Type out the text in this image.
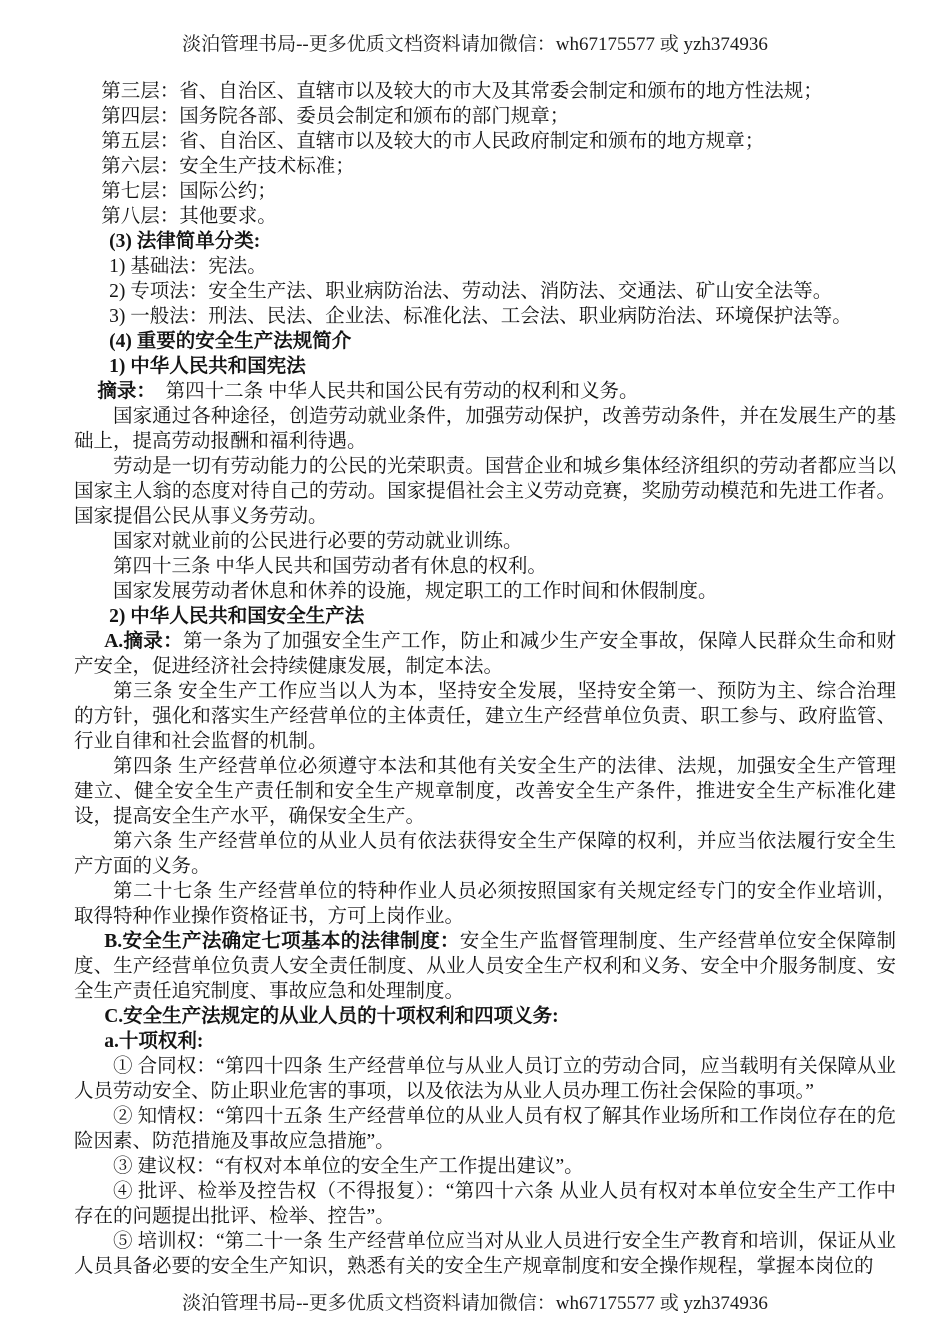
淡泊管理书局--更多优质文档资料请加微信：wh67175577 或 yzh374936

第三层：省、自治区、直辖市以及较大的市大及其常委会制定和颁布的地方性法规；

第四层：国务院各部、委员会制定和颁布的部门规章；

第五层：省、自治区、直辖市以及较大的市人民政府制定和颁布的地方规章；

第六层：安全生产技术标准；

第七层：国际公约；

第八层：其他要求。

(3) 法律简单分类:

1) 基础法：宪法。

2) 专项法：安全生产法、职业病防治法、劳动法、消防法、交通法、矿山安全法等。

3) 一般法：刑法、民法、企业法、标准化法、工会法、职业病防治法、环境保护法等。

(4) 重要的安全生产法规简介

1) 中华人民共和国宪法

摘录：　第四十二条 中华人民共和国公民有劳动的权利和义务。

国家通过各种途径，创造劳动就业条件，加强劳动保护，改善劳动条件，并在发展生产的基础上，提高劳动报酬和福利待遇。

劳动是一切有劳动能力的公民的光荣职责。国营企业和城乡集体经济组织的劳动者都应当以国家主人翁的态度对待自己的劳动。国家提倡社会主义劳动竞赛，奖励劳动模范和先进工作者。国家提倡公民从事义务劳动。

国家对就业前的公民进行必要的劳动就业训练。

第四十三条 中华人民共和国劳动者有休息的权利。

国家发展劳动者休息和休养的设施，规定职工的工作时间和休假制度。

2) 中华人民共和国安全生产法

A.摘录：第一条为了加强安全生产工作，防止和减少生产安全事故，保障人民群众生命和财产安全，促进经济社会持续健康发展，制定本法。

第三条 安全生产工作应当以人为本，坚持安全发展，坚持安全第一、预防为主、综合治理的方针，强化和落实生产经营单位的主体责任，建立生产经营单位负责、职工参与、政府监管、行业自律和社会监督的机制。

第四条 生产经营单位必须遵守本法和其他有关安全生产的法律、法规，加强安全生产管理建立、健全安全生产责任制和安全生产规章制度，改善安全生产条件，推进安全生产标准化建设，提高安全生产水平，确保安全生产。

第六条 生产经营单位的从业人员有依法获得安全生产保障的权利，并应当依法履行安全生产方面的义务。

第二十七条 生产经营单位的特种作业人员必须按照国家有关规定经专门的安全作业培训，取得特种作业操作资格证书，方可上岗作业。

B.安全生产法确定七项基本的法律制度：安全生产监督管理制度、生产经营单位安全保障制度、生产经营单位负责人安全责任制度、从业人员安全生产权利和义务、安全中介服务制度、安全生产责任追究制度、事故应急和处理制度。

C.安全生产法规定的从业人员的十项权利和四项义务:

a.十项权利:

① 合同权：“第四十四条 生产经营单位与从业人员订立的劳动合同，应当载明有关保障从业人员劳动安全、防止职业危害的事项，以及依法为从业人员办理工伤社会保险的事项。”

② 知情权：“第四十五条 生产经营单位的从业人员有权了解其作业场所和工作岗位存在的危险因素、防范措施及事故应急措施”。

③ 建议权：“有权对本单位的安全生产工作提出建议”。

④ 批评、检举及控告权（不得报复）：“第四十六条 从业人员有权对本单位安全生产工作中存在的问题提出批评、检举、控告”。

⑤ 培训权：“第二十一条 生产经营单位应当对从业人员进行安全生产教育和培训，保证从业人员具备必要的安全生产知识，熟悉有关的安全生产规章制度和安全操作规程，掌握本岗位的

淡泊管理书局--更多优质文档资料请加微信：wh67175577 或 yzh374936
